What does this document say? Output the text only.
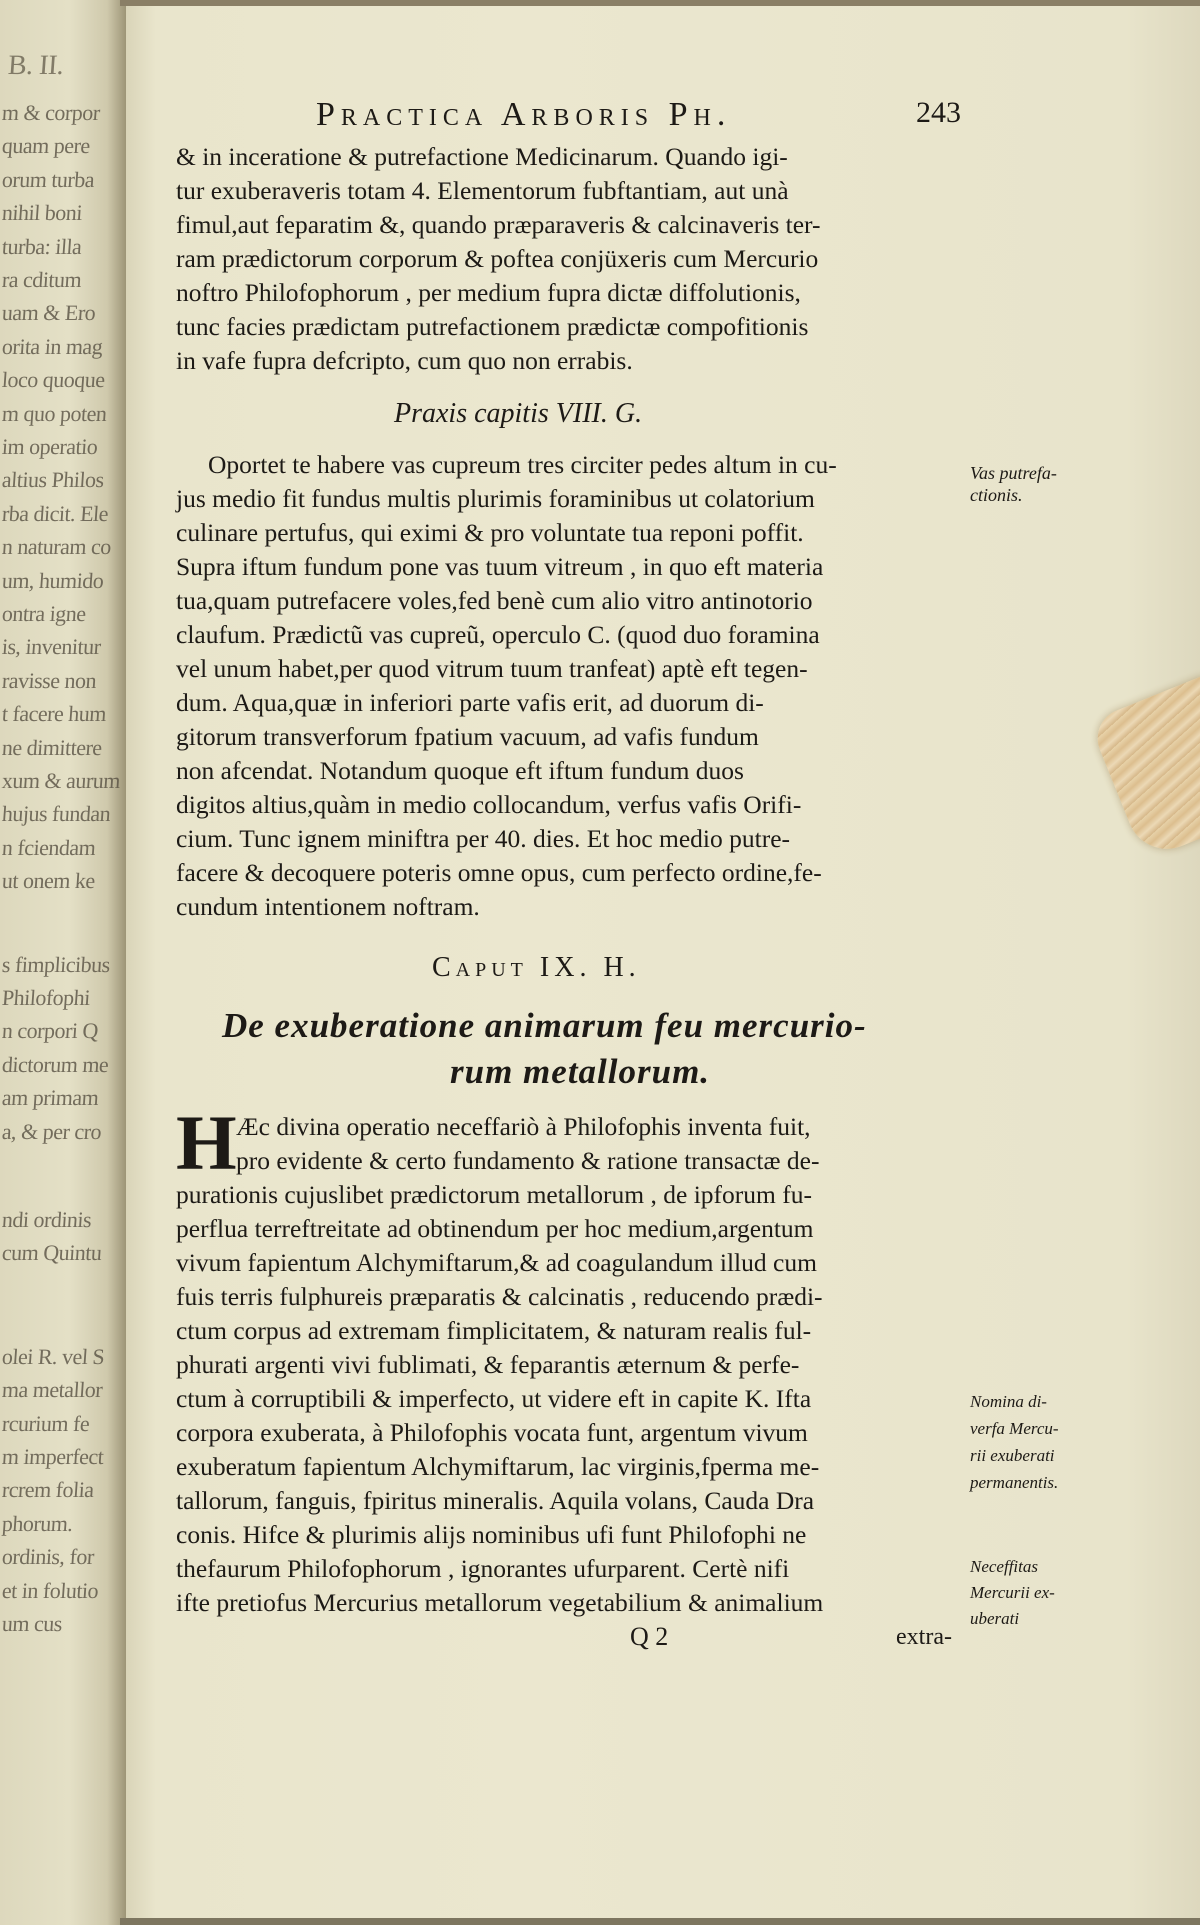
B. II.
m & corpor
quam pere
orum turba
nihil boni
turba: illa
ra cditum
uam & Ero
orita in mag
loco quoque
m quo poten
im operatio
altius Philos
rba dicit. Ele
n naturam co
um, humido
ontra igne
is, invenitur
ravisse non
t facere hum
ne dimittere
xum & aurum
hujus fundan
n fciendam
ut onem ke
s fimplicibus
Philofophi
n corpori Q
dictorum me
am primam
a, & per cro
ndi ordinis
cum Quintu
olei R. vel S
ma metallor
rcurium fe
m imperfect
rcrem folia
phorum.
ordinis, for
et in folutio
um cus
Practica Arboris Ph.	243
& in inceratione & putrefactione Medicinarum. Quando igi-
tur exuberaveris totam 4. Elementorum fubftantiam, aut unà
fimul,aut feparatim &, quando præparaveris & calcinaveris ter-
ram prædictorum corporum & poftea conjüxeris cum Mercurio
noftro Philofophorum , per medium fupra dictæ diffolutionis,
tunc facies prædictam putrefactionem prædictæ compofitionis
in vafe fupra defcripto, cum quo non errabis.
Praxis capitis VIII. G.
Oportet te habere vas cupreum tres circiter pedes altum in cu-
jus medio fit fundus multis plurimis foraminibus ut colatorium
culinare pertufus, qui eximi & pro voluntate tua reponi poffit.
Supra iftum fundum pone vas tuum vitreum , in quo eft materia
tua,quam putrefacere voles,fed benè cum alio vitro antinotorio
claufum. Prædictũ vas cupreũ, operculo C. (quod duo foramina
vel unum habet,per quod vitrum tuum tranfeat) aptè eft tegen-
dum. Aqua,quæ in inferiori parte vafis erit, ad duorum di-
gitorum transverforum fpatium vacuum, ad vafis fundum
non afcendat. Notandum quoque eft iftum fundum duos
digitos altius,quàm in medio collocandum, verfus vafis Orifi-
cium. Tunc ignem miniftra per 40. dies. Et hoc medio putre-
facere & decoquere poteris omne opus, cum perfecto ordine,fe-
cundum intentionem noftram.
Caput IX. H.
De exuberatione animarum feu mercurio-
rum metallorum.
H Æc divina operatio neceffariò à Philofophis inventa fuit,
pro evidente & certo fundamento & ratione transactæ de-
purationis cujuslibet prædictorum metallorum , de ipforum fu-
perflua terreftreitate ad obtinendum per hoc medium,argentum
vivum fapientum Alchymiftarum,& ad coagulandum illud cum
fuis terris fulphureis præparatis & calcinatis , reducendo prædi-
ctum corpus ad extremam fimplicitatem, & naturam realis ful-
phurati argenti vivi fublimati, & feparantis æternum & perfe-
ctum à corruptibili & imperfecto, ut videre eft in capite K. Ifta
corpora exuberata, à Philofophis vocata funt, argentum vivum
exuberatum fapientum Alchymiftarum, lac virginis,fperma me-
tallorum, fanguis, fpiritus mineralis. Aquila volans, Cauda Dra
conis. Hifce & plurimis alijs nominibus ufi funt Philofophi ne
thefaurum Philofophorum , ignorantes ufurparent. Certè nifi
ifte pretiofus Mercurius metallorum vegetabilium & animalium
Q 2	extra-
Vas putrefa-
ctionis.
Nomina di-
verfa Mercu-
rii exuberati
permanentis.
Neceffitas
Mercurii ex-
uberati
